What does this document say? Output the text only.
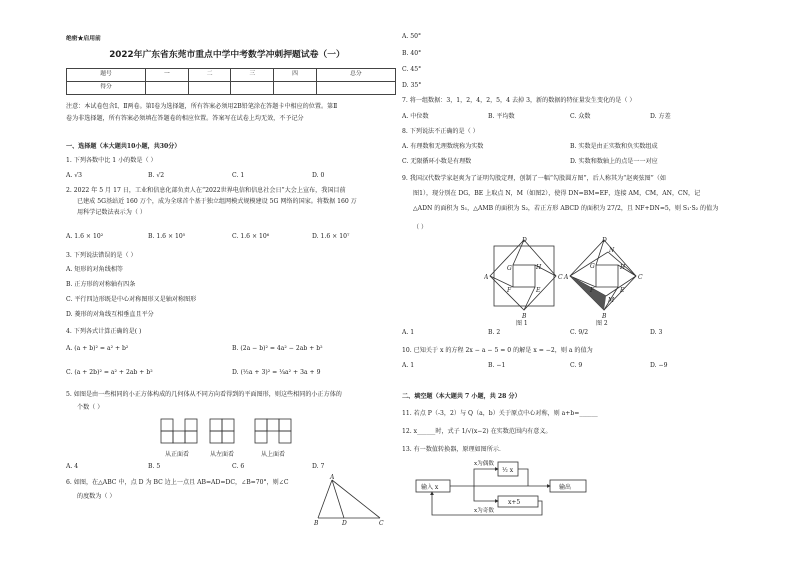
绝密★启用前
2022年广东省东莞市重点中学中考数学冲刺押题试卷（一）
题号	一	二	三	四	总分
得分					
注意：本试卷包含Ⅰ、Ⅱ两卷。第Ⅰ卷为选择题，所有答案必须用2B铅笔涂在答题卡中相应的位置。第Ⅱ
卷为非选择题，所有答案必须填在答题卷的相应位置。答案写在试卷上均无效，不予记分
一、选择题（本大题共10小题，共30分）
1. 下列各数中比 1 小的数是（ ）
A. √3	B. √2	C. 1	D. 0
2. 2022 年 5 月 17 日，工业和信息化部负责人在“2022世界电信和信息社会日”大会上宣布，我国目前
已建成 5G基站近 160 万个，成为全球首个基于独立组网模式规模建设 5G 网络的国家。将数据 160 万
用科学记数法表示为（ ）
A. 1.6 × 10²	B. 1.6 × 10⁵	C. 1.6 × 10⁶	D. 1.6 × 10⁷
3. 下列说法错误的是（ ）
A. 矩形的对角线相等
B. 正方形的对称轴有四条
C. 平行四边形既是中心对称图形又是轴对称图形
D. 菱形的对角线互相垂直且平分
4. 下列各式计算正确的是( )
A. (a + b)² = a² + b²	B. (2a − b)² = 4a² − 2ab + b²
C. (a + 2b)² = a² + 2ab + b²	D. (½a + 3)² = ¼a² + 3a + 9
5. 如图是由一些相同的小正方体构成的几何体从不同方向看得到的平面图形，则这些相同的小正方体的
个数（ ）
从正面看	从左面看	从上面看
A. 4	B. 5	C. 6	D. 7
6. 如图，在△ABC 中，点 D 为 BC 边上一点且 AB=AD=DC，∠B=70°，则∠C
的度数为（ ）
A
B	D	C
A. 50°
B. 40°
C. 45°
D. 35°
7. 将一组数据：3，1，2，4，2，5，4 去掉 3，新的数据的特征量发生变化的是（ ）
A. 中位数	B. 平均数	C. 众数	D. 方差
8. 下列说法不正确的是（ ）
A. 有理数和无理数统称为实数	B. 实数是由正实数和负实数组成
C. 无限循环小数是有理数	D. 实数和数轴上的点是一一对应
9. 我国汉代数学家赵爽为了证明勾股定理，创制了一幅“勾股圆方图”，后人称其为“赵爽弦图”（如
图1），现分别在 DG，BE 上取点 N，M（如图2），使得 DN=BM=EF，连接 AM，CM，AN，CN，记
△ADN 的面积为 S₁，△AMB 的面积为 S₂，若正方形 ABCD 的面积为 27/2，且 NF+DN=5，则 S₁·S₂ 的值为
（ ）
D
A	C
B
G	H
E
F
图 1
D
A	C
B
N
G	H
E
F
M
图 2
A. 1	B. 2	C. 9/2	D. 3
10. 已知关于 x 的方程 2x − a − 5 = 0 的解是 x = −2，则 a 的值为
A. 1	B. −1	C. 9	D. −9
二、填空题（本大题共 7 小题，共 28 分）
11. 若点 P（-3，2）与 Q（a，b）关于原点中心对称，则 a+b=______
12. x______时，式子 1/√(x−2) 在实数范围内有意义。
13. 有一数值转换器，原理如图所示．
输入 x
x为偶数
½ x
x+5
x为奇数
输出
